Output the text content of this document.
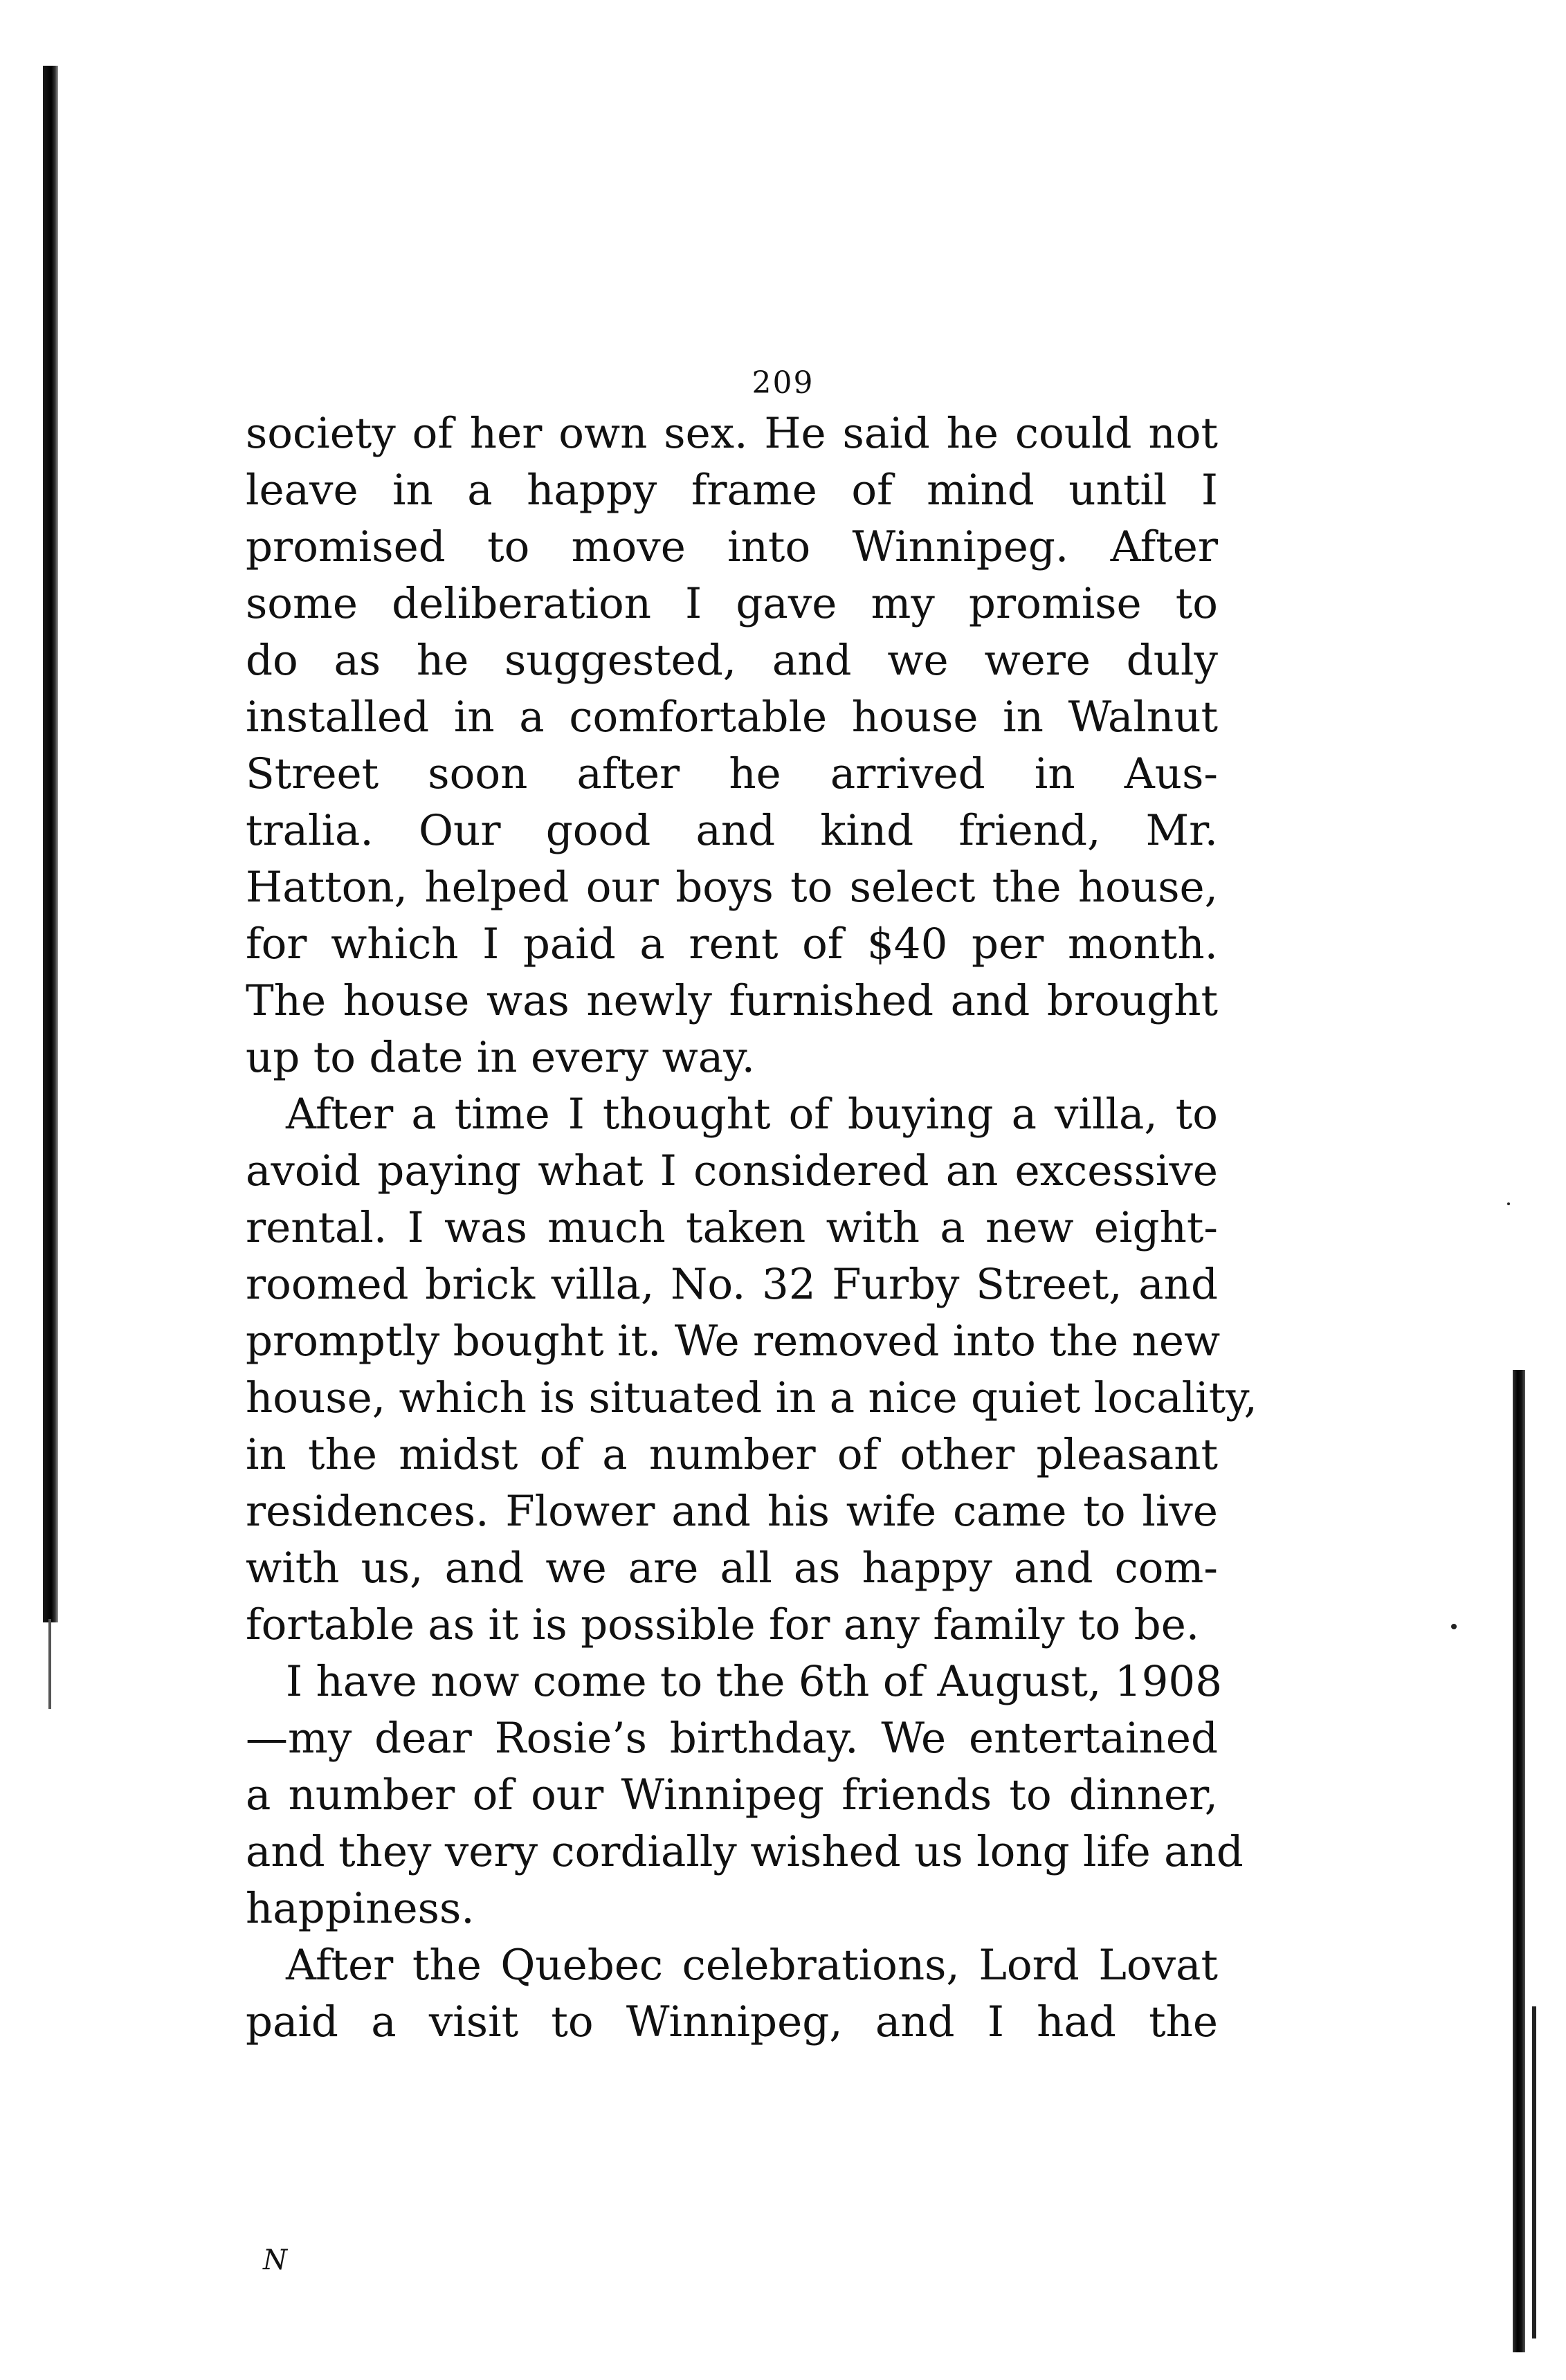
209
society of her own sex. He said he could not
leave in a happy frame of mind until I
promised to move into Winnipeg. After
some deliberation I gave my promise to
do as he suggested, and we were duly
installed in a comfortable house in Walnut
Street soon after he arrived in Aus-
tralia. Our good and kind friend, Mr.
Hatton, helped our boys to select the house,
for which I paid a rent of $40 per month.
The house was newly furnished and brought
up to date in every way.
After a time I thought of buying a villa, to
avoid paying what I considered an excessive
rental. I was much taken with a new eight-
roomed brick villa, No. 32 Furby Street, and
promptly bought it. We removed into the new
house, which is situated in a nice quiet locality,
in the midst of a number of other pleasant
residences. Flower and his wife came to live
with us, and we are all as happy and com-
fortable as it is possible for any family to be.
I have now come to the 6th of August, 1908
—my dear Rosie’s birthday. We entertained
a number of our Winnipeg friends to dinner,
and they very cordially wished us long life and
happiness.
After the Quebec celebrations, Lord Lovat
paid a visit to Winnipeg, and I had the
N
